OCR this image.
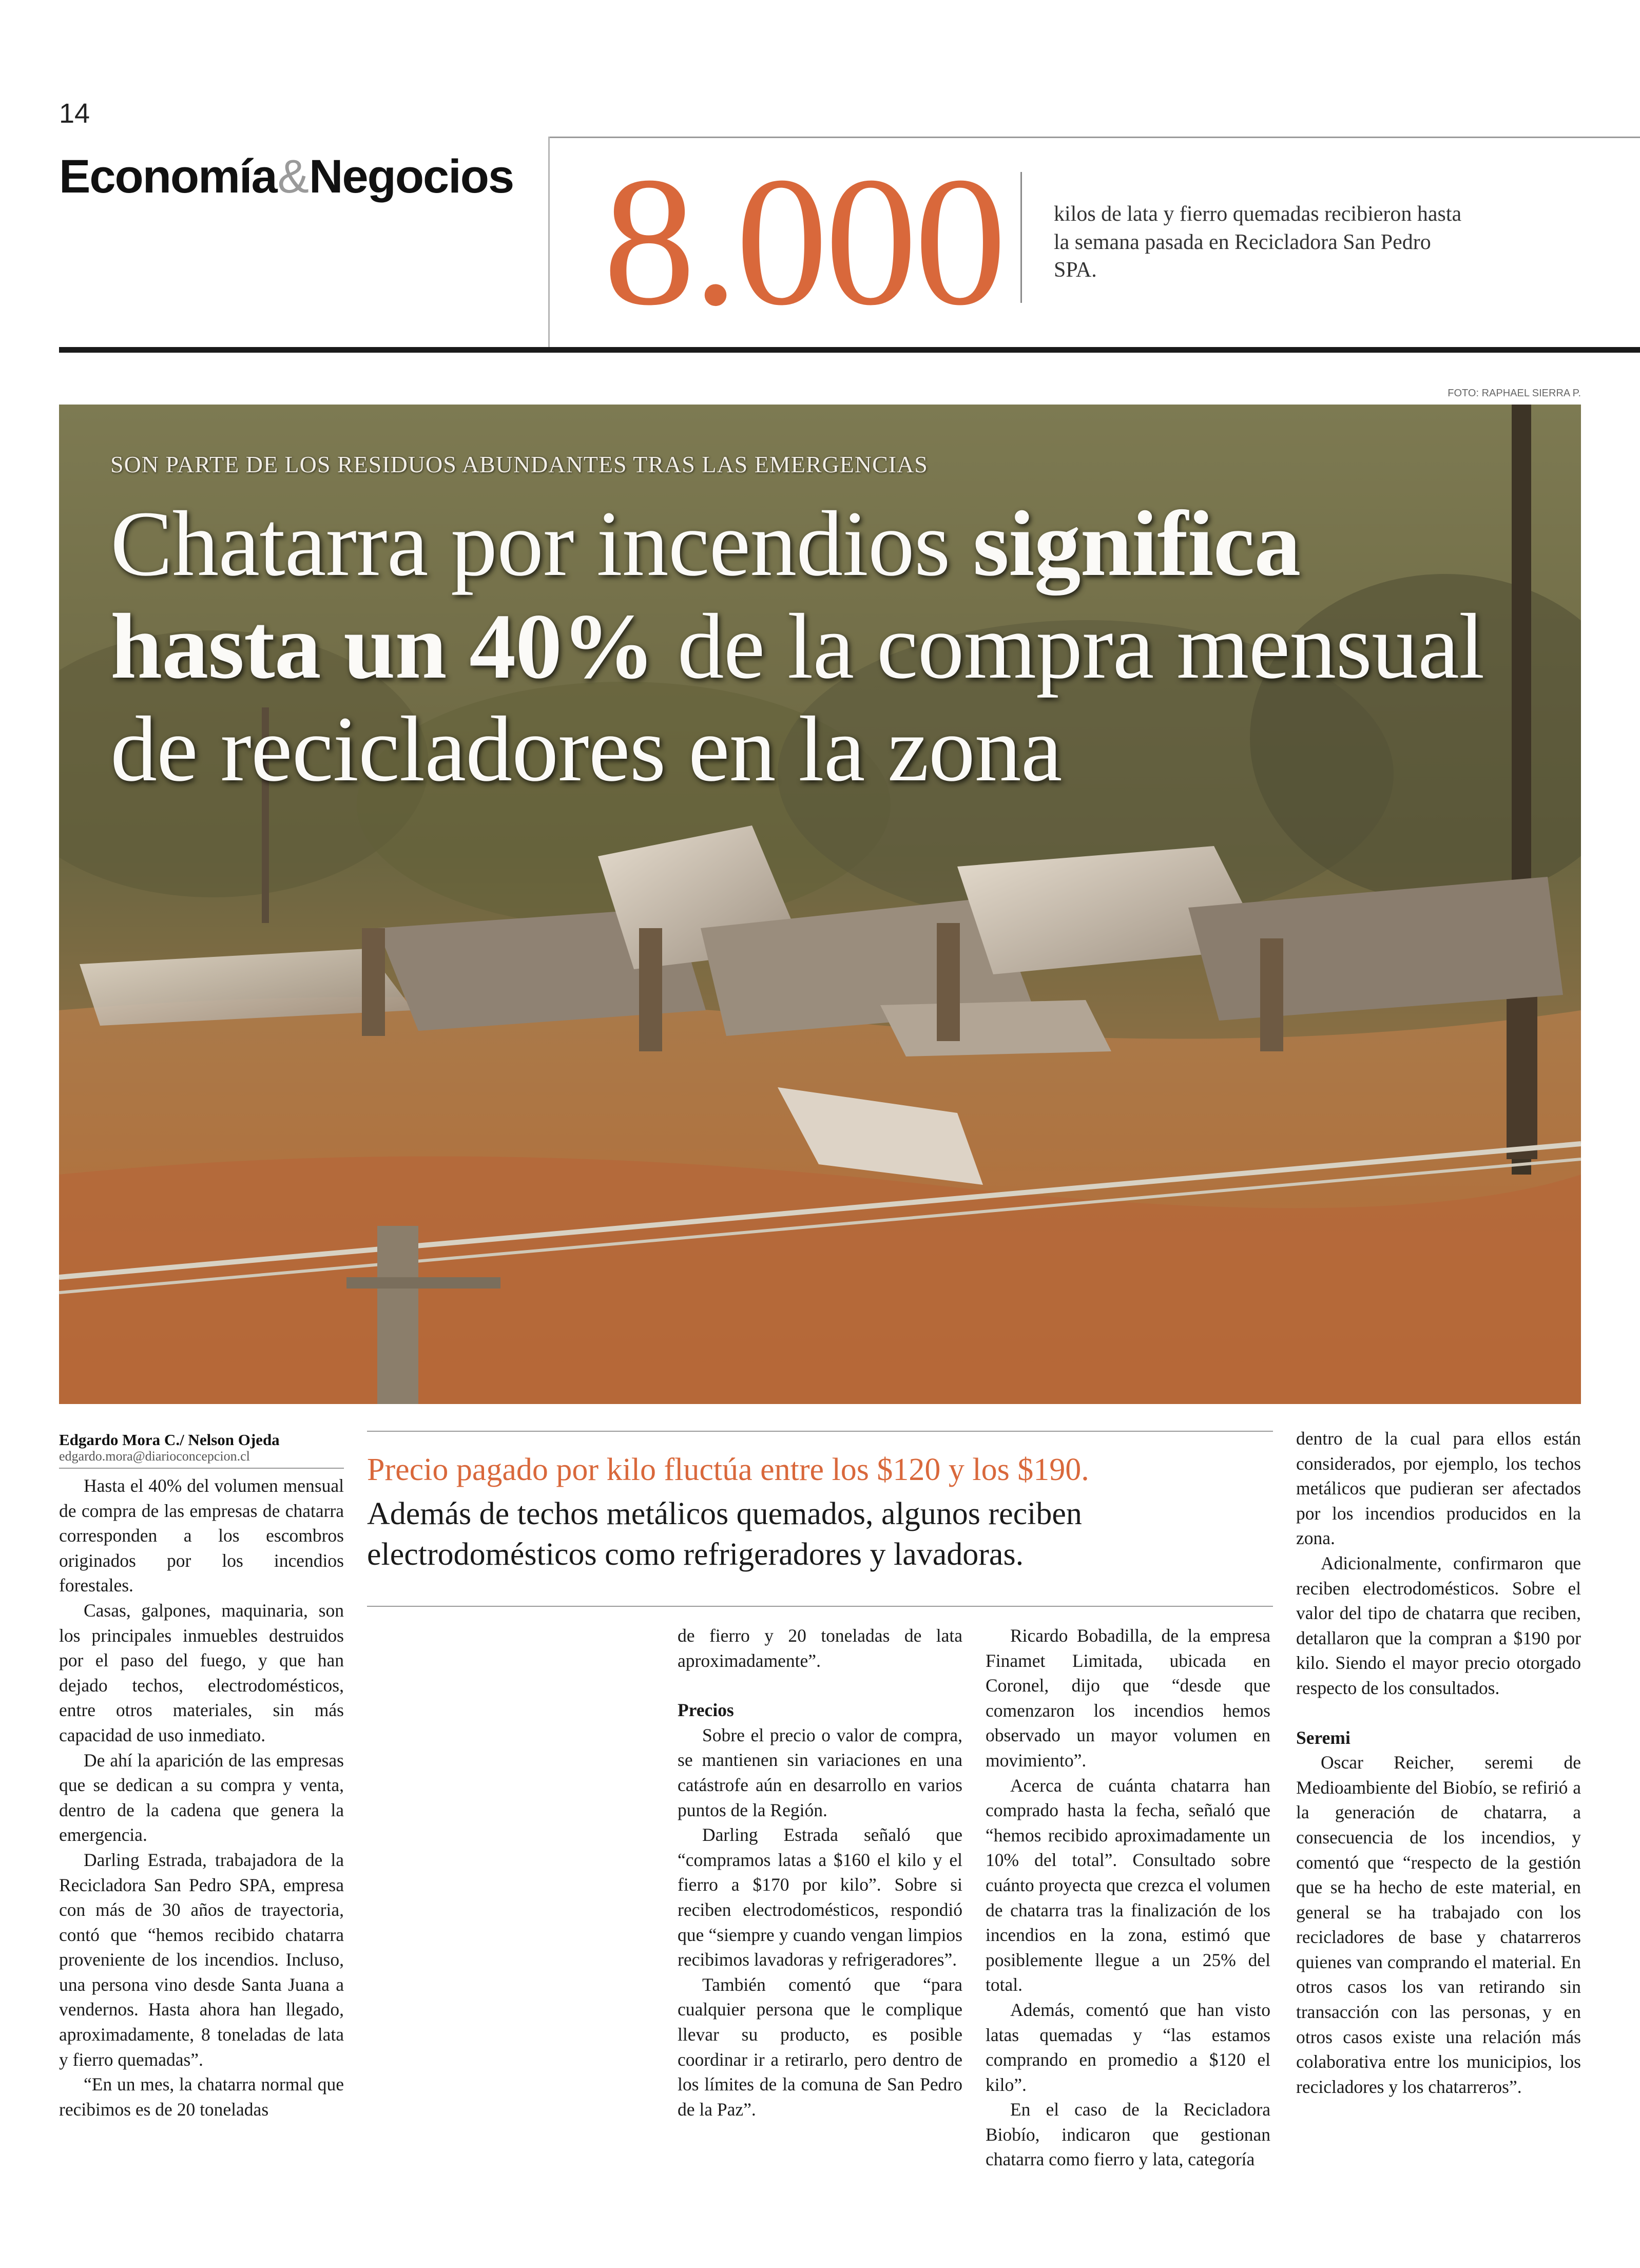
14
Economía&Negocios 8.000 kilos de lata y fierro quemadas recibieron hasta la semana pasada en Recicladora San Pedro SPA.
FOTO: RAPHAEL SIERRA P.
SON PARTE DE LOS RESIDUOS ABUNDANTES TRAS LAS EMERGENCIAS
Chatarra por incendios significa
hasta un 40% de la compra mensual
de recicladores en la zona
Edgardo Mora C./ Nelson Ojeda
edgardo.mora@diarioconcepcion.cl	Precio pagado por kilo fluctúa entre los $120 y los $190.
Además de techos metálicos quemados, algunos reciben electrodomésticos como refrigeradores y lavadoras.

Hasta el 40% del volumen mensual de compra de las empresas de chatarra corresponden a los escombros originados por los incendios forestales.

Casas, galpones, maquinaria, son los principales inmuebles destruidos por el paso del fuego, y que han dejado techos, electrodomésticos, entre otros materiales, sin más capacidad de uso inmediato.

De ahí la aparición de las empresas que se dedican a su compra y venta, dentro de la cadena que genera la emergencia.

Darling Estrada, trabajadora de la Recicladora San Pedro SPA, empresa con más de 30 años de trayectoria, contó que “hemos recibido chatarra proveniente de los incendios. Incluso, una persona vino desde Santa Juana a vendernos. Hasta ahora han llegado, aproximadamente, 8 toneladas de lata y fierro quemadas”.

“En un mes, la chatarra normal que recibimos es de 20 toneladas

de fierro y 20 toneladas de lata aproximadamente”.

Precios

Sobre el precio o valor de compra, se mantienen sin variaciones en una catástrofe aún en desarrollo en varios puntos de la Región.

Darling Estrada señaló que “compramos latas a $160 el kilo y el fierro a $170 por kilo”. Sobre si reciben electrodomésticos, respondió que “siempre y cuando vengan limpios recibimos lavadoras y refrigeradores”.

También comentó que “para cualquier persona que le complique llevar su producto, es posible coordinar ir a retirarlo, pero dentro de los límites de la comuna de San Pedro de la Paz”.

Ricardo Bobadilla, de la empresa Finamet Limitada, ubicada en Coronel, dijo que “desde que comenzaron los incendios hemos observado un mayor volumen en movimiento”.

Acerca de cuánta chatarra han comprado hasta la fecha, señaló que “hemos recibido aproximadamente un 10% del total”. Consultado sobre cuánto proyecta que crezca el volumen de chatarra tras la finalización de los incendios en la zona, estimó que posiblemente llegue a un 25% del total.

Además, comentó que han visto latas quemadas y “las estamos comprando en promedio a $120 el kilo”.

En el caso de la Recicladora Biobío, indicaron que gestionan chatarra como fierro y lata, categoría

dentro de la cual para ellos están considerados, por ejemplo, los techos metálicos que pudieran ser afectados por los incendios producidos en la zona.

Adicionalmente, confirmaron que reciben electrodomésticos. Sobre el valor del tipo de chatarra que reciben, detallaron que la compran a $190 por kilo. Siendo el mayor precio otorgado respecto de los consultados.

Seremi

Oscar Reicher, seremi de Medioambiente del Biobío, se refirió a la generación de chatarra, a consecuencia de los incendios, y comentó que “respecto de la gestión que se ha hecho de este material, en general se ha trabajado con los recicladores de base y chatarreros quienes van comprando el material. En otros casos los van retirando sin transacción con las personas, y en otros casos existe una relación más colaborativa entre los municipios, los recicladores y los chatarreros”.
